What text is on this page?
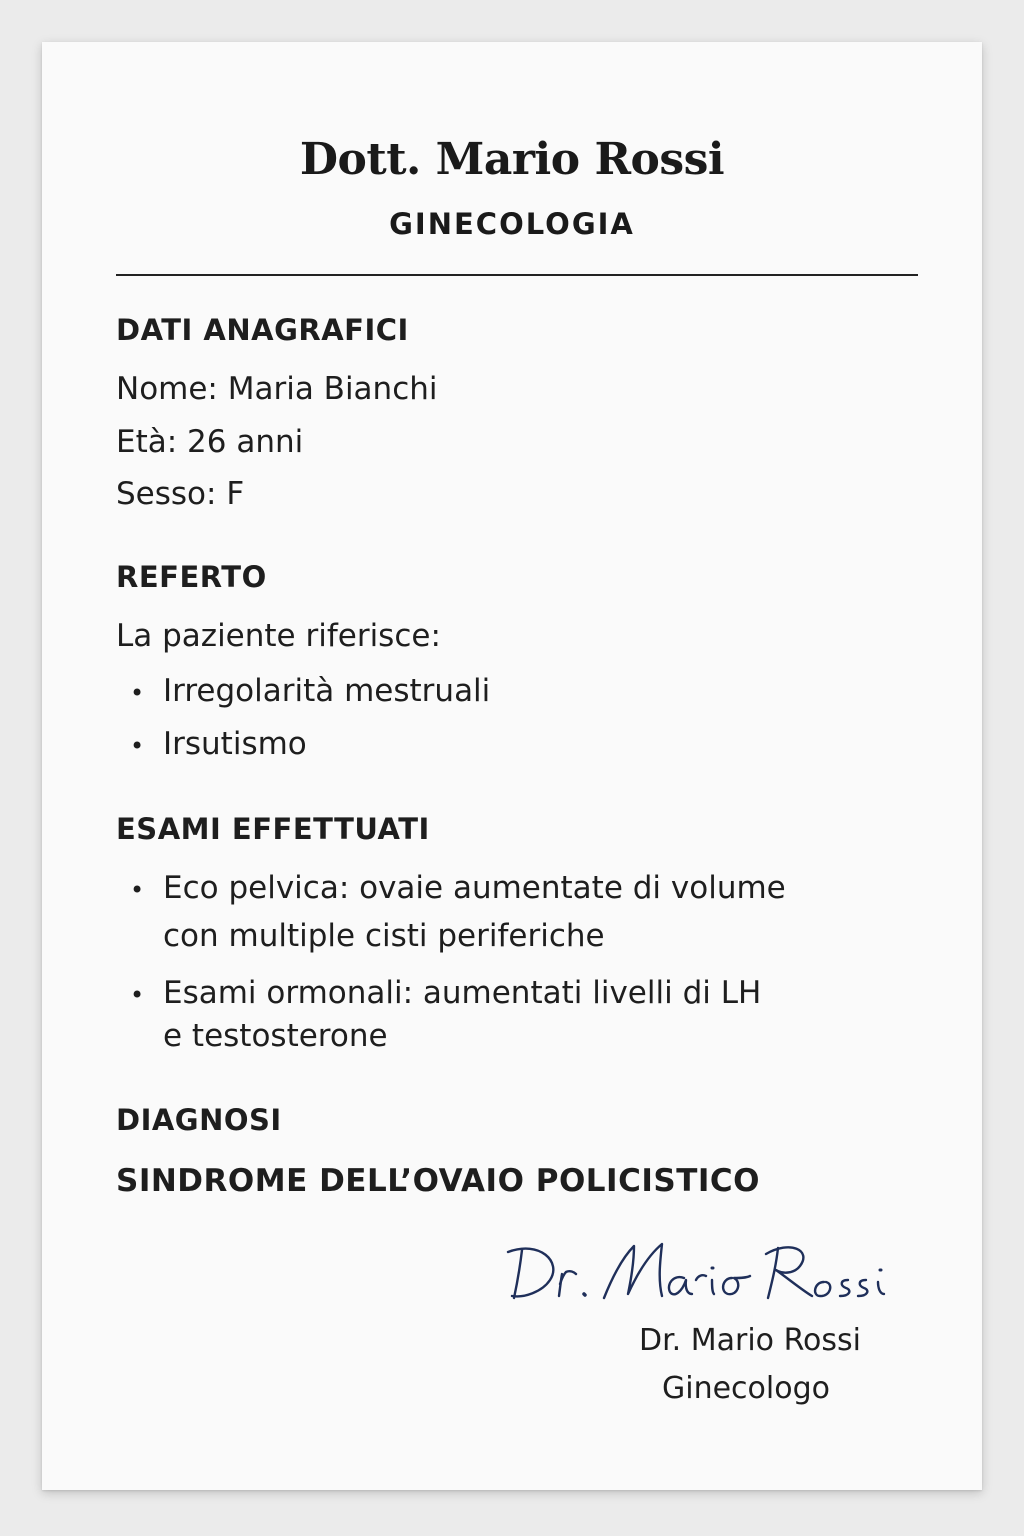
Dott. Mario Rossi
GINECOLOGIA
DATI ANAGRAFICI
Nome: Maria Bianchi
Età: 26 anni
Sesso: F
REFERTO
La paziente riferisce:
• Irregolarità mestruali
• Irsutismo
ESAMI EFFETTUATI
• Eco pelvica: ovaie aumentate di volume
con multiple cisti periferiche
• Esami ormonali: aumentati livelli di LH
e testosterone
DIAGNOSI
SINDROME DELL’OVAIO POLICISTICO
Dr. Mario Rossi
Ginecologo
